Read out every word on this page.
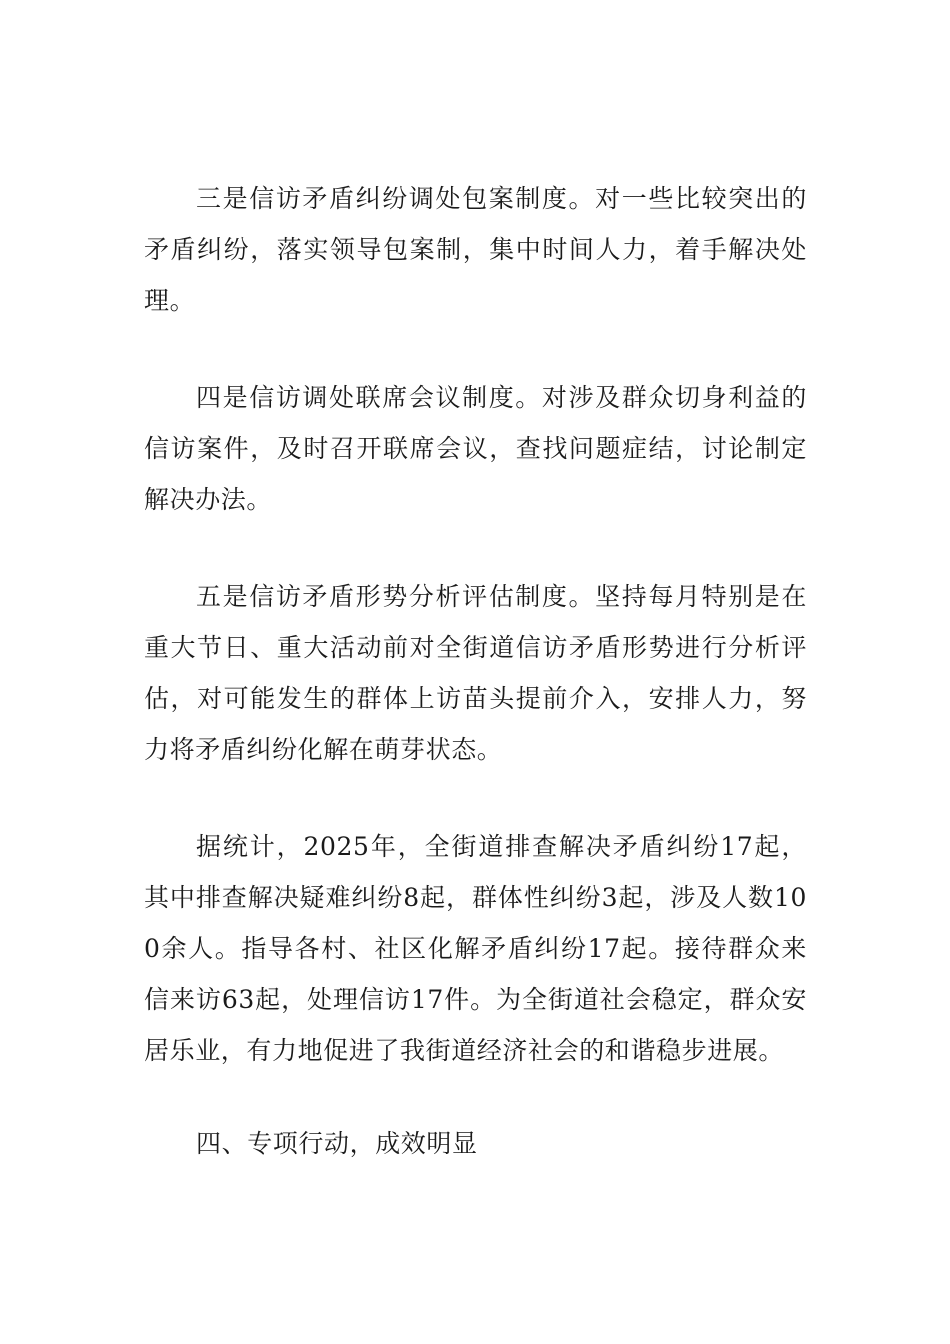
三是信访矛盾纠纷调处包案制度。对一些比较突出的矛盾纠纷，落实领导包案制，集中时间人力，着手解决处理。

四是信访调处联席会议制度。对涉及群众切身利益的信访案件，及时召开联席会议，查找问题症结，讨论制定解决办法。

五是信访矛盾形势分析评估制度。坚持每月特别是在重大节日、重大活动前对全街道信访矛盾形势进行分析评估，对可能发生的群体上访苗头提前介入，安排人力，努力将矛盾纠纷化解在萌芽状态。

据统计，2025年，全街道排查解决矛盾纠纷17起，其中排查解决疑难纠纷8起，群体性纠纷3起，涉及人数100余人。指导各村、社区化解矛盾纠纷17起。接待群众来信来访63起，处理信访17件。为全街道社会稳定，群众安居乐业，有力地促进了我街道经济社会的和谐稳步进展。

四、专项行动，成效明显
